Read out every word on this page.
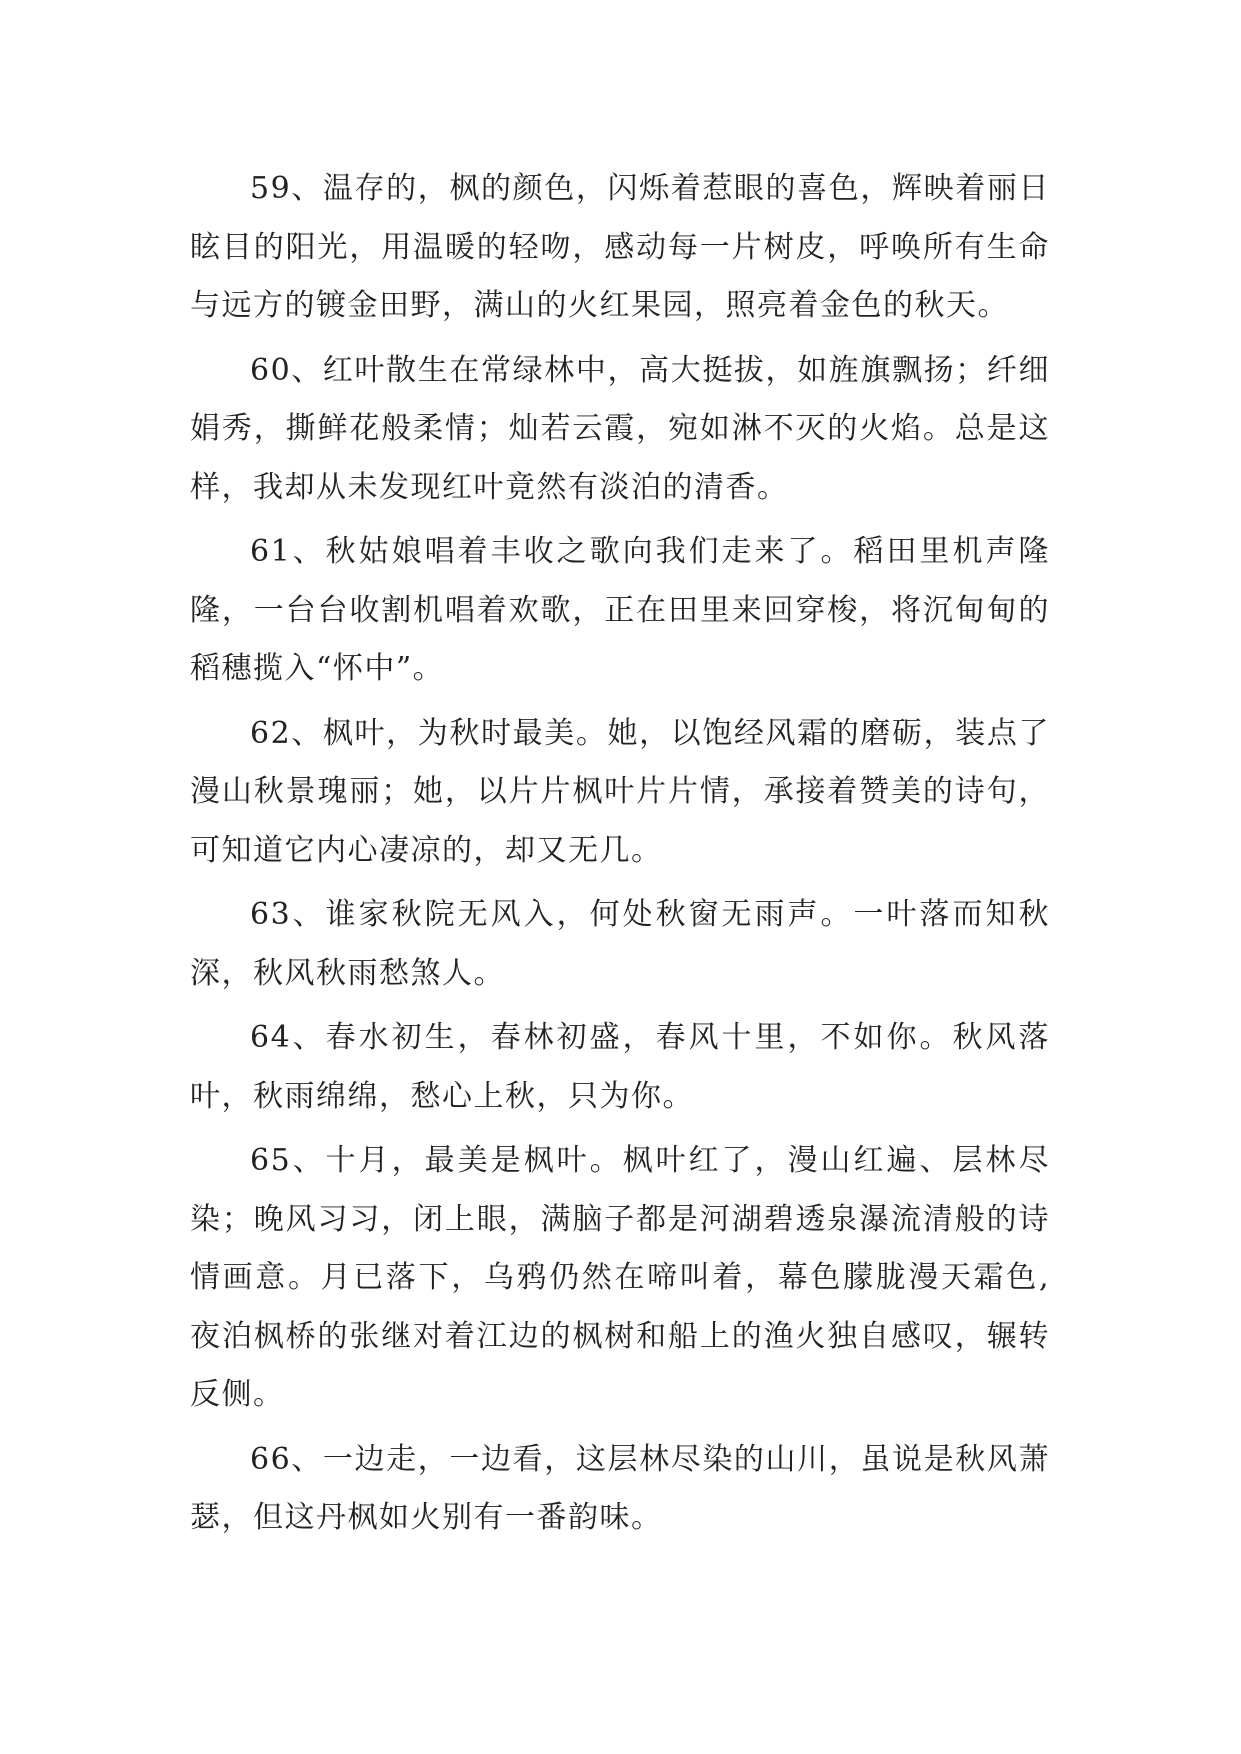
59、温存的，枫的颜色，闪烁着惹眼的喜色，辉映着丽日眩目的阳光，用温暖的轻吻，感动每一片树皮，呼唤所有生命与远方的镀金田野，满山的火红果园，照亮着金色的秋天。

60、红叶散生在常绿林中，高大挺拔，如旌旗飘扬；纤细娟秀，撕鲜花般柔情；灿若云霞，宛如淋不灭的火焰。总是这样，我却从未发现红叶竟然有淡泊的清香。

61、秋姑娘唱着丰收之歌向我们走来了。稻田里机声隆隆，一台台收割机唱着欢歌，正在田里来回穿梭，将沉甸甸的稻穗揽入“怀中”。

62、枫叶，为秋时最美。她，以饱经风霜的磨砺，装点了漫山秋景瑰丽；她，以片片枫叶片片情，承接着赞美的诗句，可知道它内心凄凉的，却又无几。

63、谁家秋院无风入，何处秋窗无雨声。一叶落而知秋深，秋风秋雨愁煞人。

64、春水初生，春林初盛，春风十里，不如你。秋风落叶，秋雨绵绵，愁心上秋，只为你。

65、十月，最美是枫叶。枫叶红了，漫山红遍、层林尽染；晚风习习，闭上眼，满脑子都是河湖碧透泉瀑流清般的诗情画意。月已落下，乌鸦仍然在啼叫着，幕色朦胧漫天霜色,夜泊枫桥的张继对着江边的枫树和船上的渔火独自感叹，辗转反侧。

66、一边走，一边看，这层林尽染的山川，虽说是秋风萧瑟，但这丹枫如火别有一番韵味。
